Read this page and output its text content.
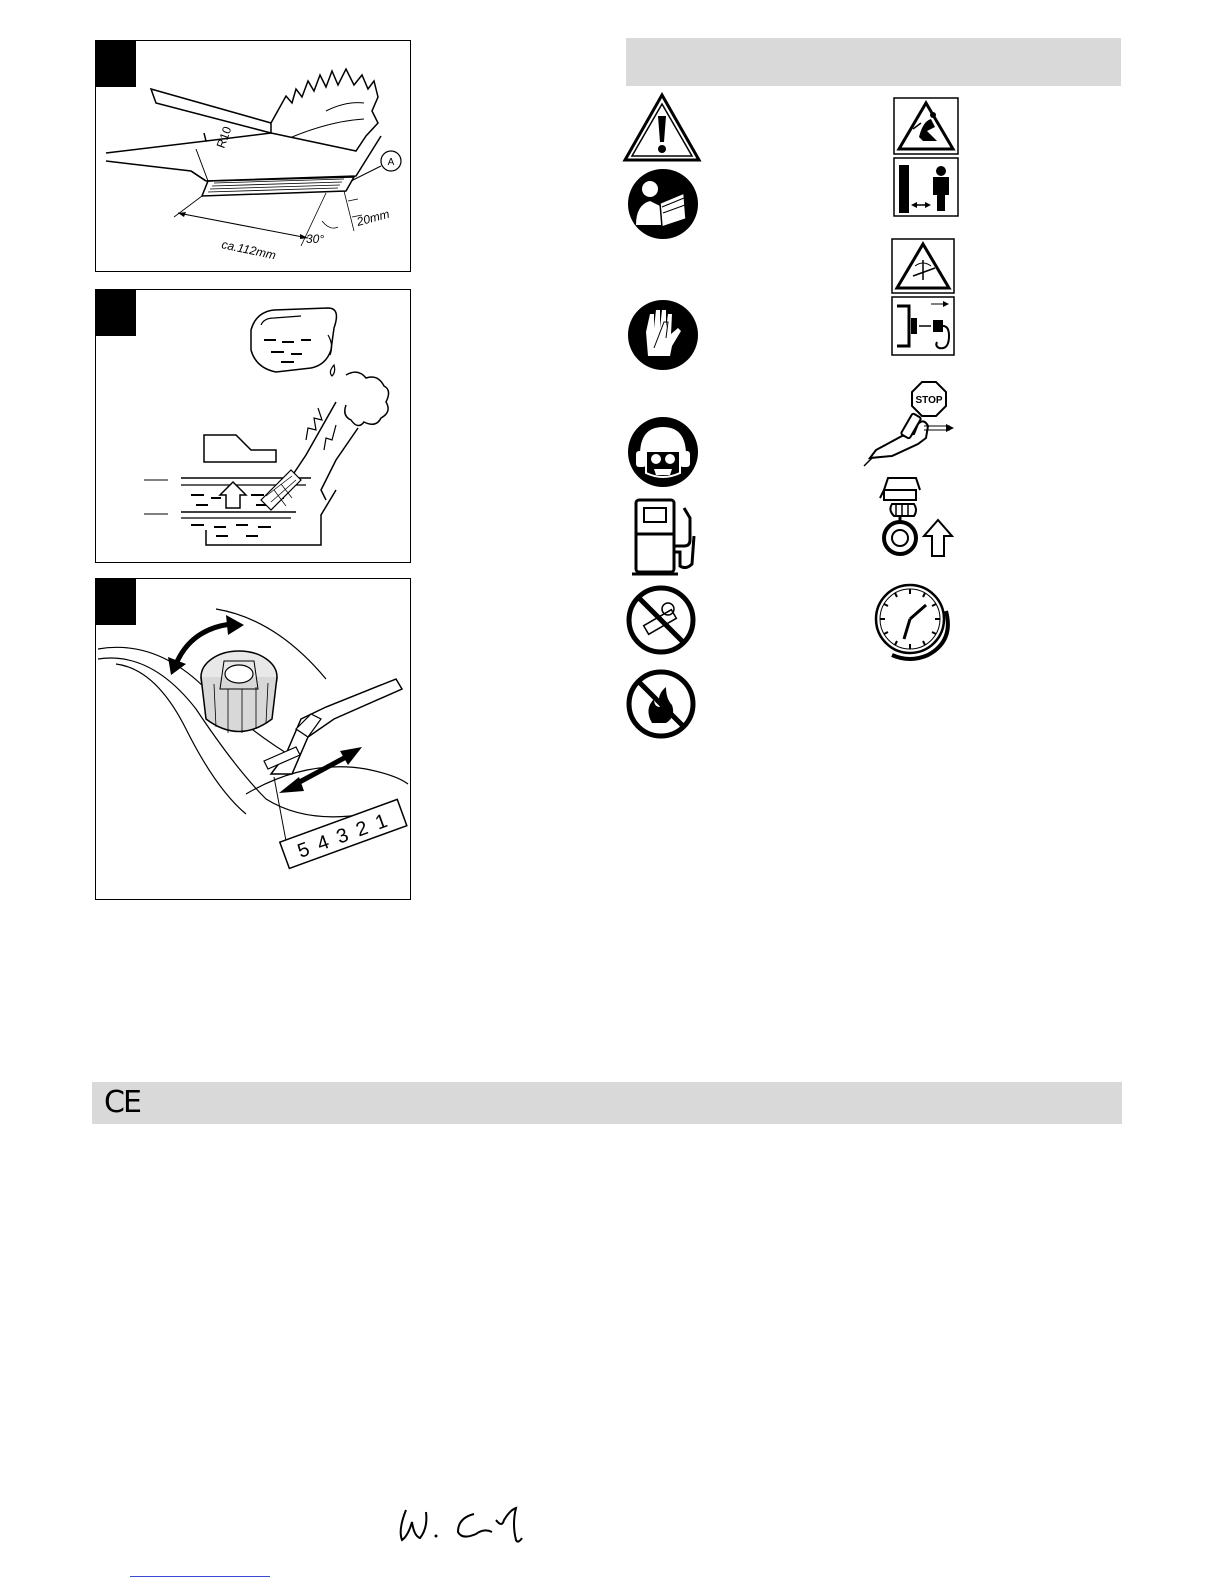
R10
A
ca.112mm
20mm
30°
5 4 3 2 1
STOP
CE
